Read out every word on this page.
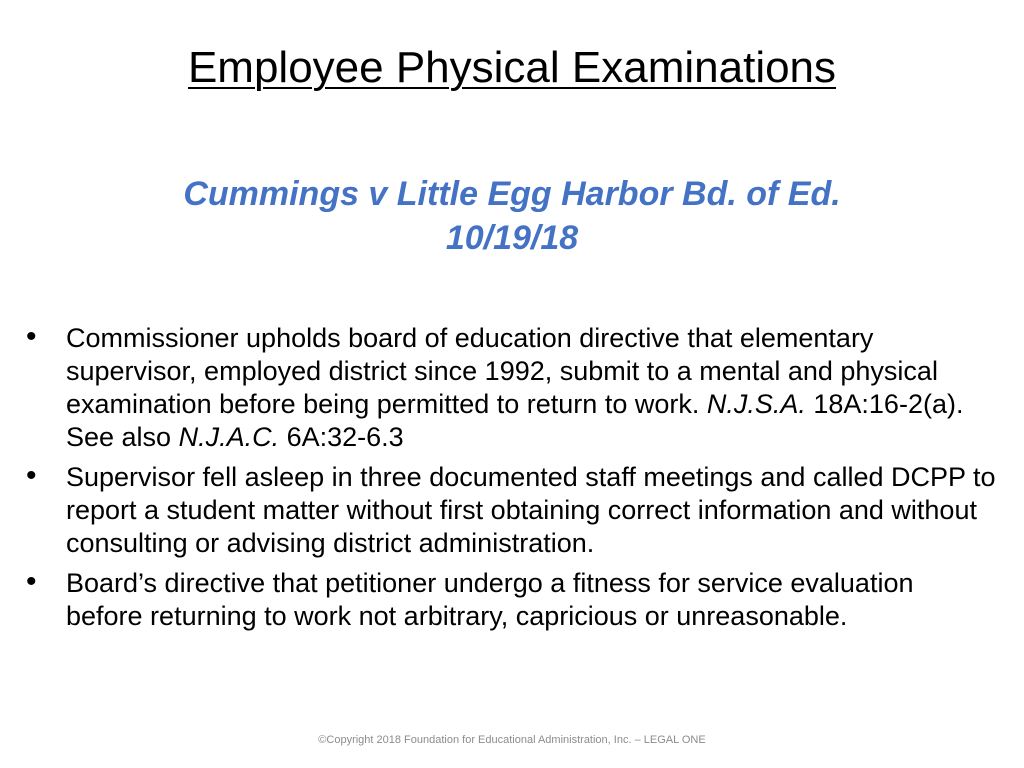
Employee Physical Examinations
Cummings v Little Egg Harbor Bd. of Ed.
10/19/18
• Commissioner upholds board of education directive that elementary supervisor, employed district since 1992, submit to a mental and physical examination before being permitted to return to work. N.J.S.A. 18A:16-2(a). See also N.J.A.C. 6A:32-6.3
• Supervisor fell asleep in three documented staff meetings and called DCPP to report a student matter without first obtaining correct information and without consulting or advising district administration.
• Board’s directive that petitioner undergo a fitness for service evaluation before returning to work not arbitrary, capricious or unreasonable.
©Copyright 2018 Foundation for Educational Administration, Inc. – LEGAL ONE
